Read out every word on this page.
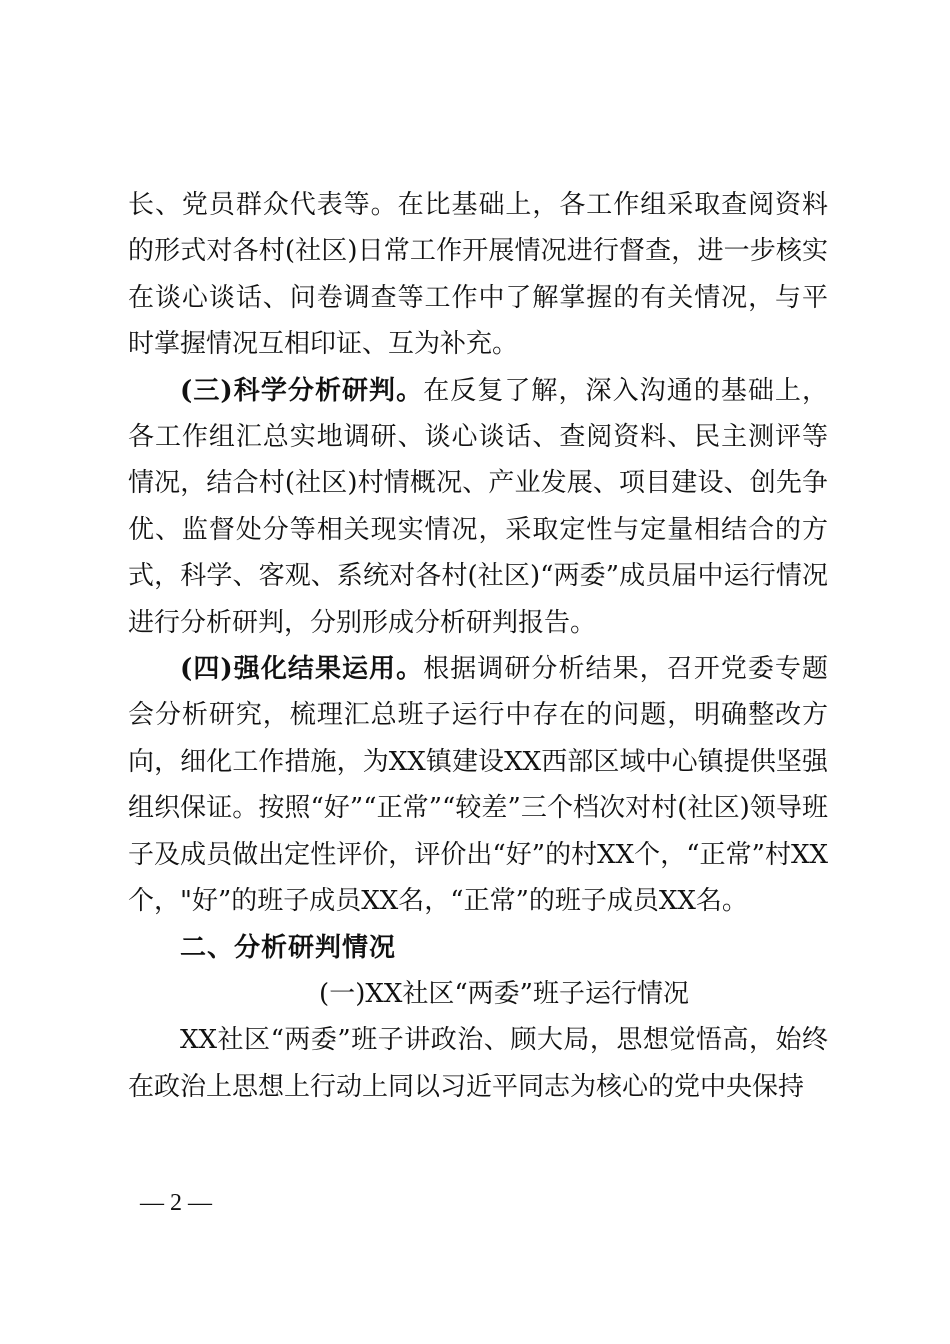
长、党员群众代表等。在比基础上，各工作组采取查阅资料的形式对各村(社区)日常工作开展情况进行督查，进一步核实在谈心谈话、问卷调查等工作中了解掌握的有关情况，与平时掌握情况互相印证、互为补充。

(三)科学分析研判。在反复了解，深入沟通的基础上，各工作组汇总实地调研、谈心谈话、查阅资料、民主测评等情况，结合村(社区)村情概况、产业发展、项目建设、创先争优、监督处分等相关现实情况，采取定性与定量相结合的方式，科学、客观、系统对各村(社区)“两委”成员届中运行情况进行分析研判，分别形成分析研判报告。

(四)强化结果运用。根据调研分析结果，召开党委专题会分析研究，梳理汇总班子运行中存在的问题，明确整改方向，细化工作措施，为XX镇建设XX西部区域中心镇提供坚强组织保证。按照“好”“正常”“较差”三个档次对村(社区)领导班子及成员做出定性评价，评价出“好”的村XX个，“正常”村XX个，"好”的班子成员XX名，“正常”的班子成员XX名。

二、分析研判情况

(一)XX社区“两委”班子运行情况

XX社区“两委”班子讲政治、顾大局，思想觉悟高，始终在政治上思想上行动上同以习近平同志为核心的党中央保持

— 2 —
